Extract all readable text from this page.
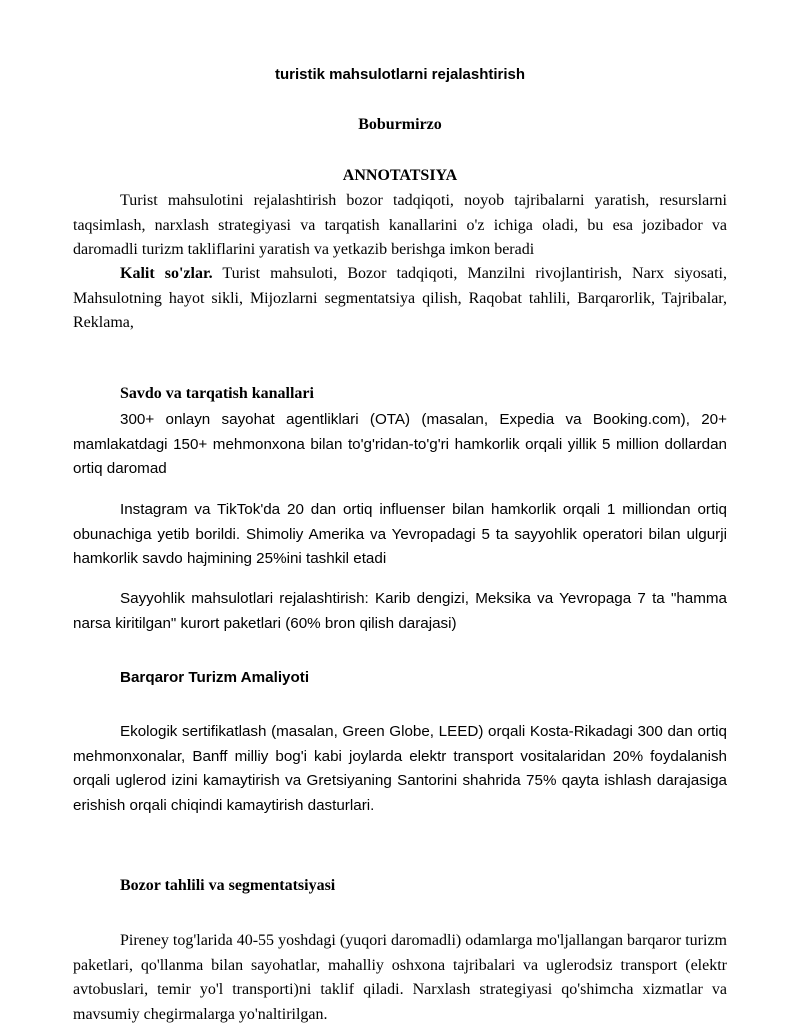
turistik mahsulotlarni rejalashtirish

Boburmirzo

ANNOTATSIYA

Turist mahsulotini rejalashtirish bozor tadqiqoti, noyob tajribalarni yaratish, resurslarni taqsimlash, narxlash strategiyasi va tarqatish kanallarini o'z ichiga oladi, bu esa jozibador va daromadli turizm takliflarini yaratish va yetkazib berishga imkon beradi

Kalit so'zlar. Turist mahsuloti, Bozor tadqiqoti, Manzilni rivojlantirish, Narx siyosati, Mahsulotning hayot sikli, Mijozlarni segmentatsiya qilish, Raqobat tahlili, Barqarorlik, Tajribalar, Reklama,

Savdo va tarqatish kanallari

300+ onlayn sayohat agentliklari (OTA) (masalan, Expedia va Booking.com), 20+ mamlakatdagi 150+ mehmonxona bilan to'g'ridan-to'g'ri hamkorlik orqali yillik 5 million dollardan ortiq daromad

Instagram va TikTok'da 20 dan ortiq influenser bilan hamkorlik orqali 1 milliondan ortiq obunachiga yetib borildi. Shimoliy Amerika va Yevropadagi 5 ta sayyohlik operatori bilan ulgurji hamkorlik savdo hajmining 25%ini tashkil etadi

Sayyohlik mahsulotlari rejalashtirish: Karib dengizi, Meksika va Yevropaga 7 ta "hamma narsa kiritilgan" kurort paketlari (60% bron qilish darajasi)

Barqaror Turizm Amaliyoti

Ekologik sertifikatlash (masalan, Green Globe, LEED) orqali Kosta-Rikadagi 300 dan ortiq mehmonxonalar, Banff milliy bog'i kabi joylarda elektr transport vositalaridan 20% foydalanish orqali uglerod izini kamaytirish va Gretsiyaning Santorini shahrida 75% qayta ishlash darajasiga erishish orqali chiqindi kamaytirish dasturlari.

Bozor tahlili va segmentatsiyasi

Pireney tog'larida 40-55 yoshdagi (yuqori daromadli) odamlarga mo'ljallangan barqaror turizm paketlari, qo'llanma bilan sayohatlar, mahalliy oshxona tajribalari va uglerodsiz transport (elektr avtobuslari, temir yo'l transporti)ni taklif qiladi. Narxlash strategiyasi qo'shimcha xizmatlar va mavsumiy chegirmalarga yo'naltirilgan.
